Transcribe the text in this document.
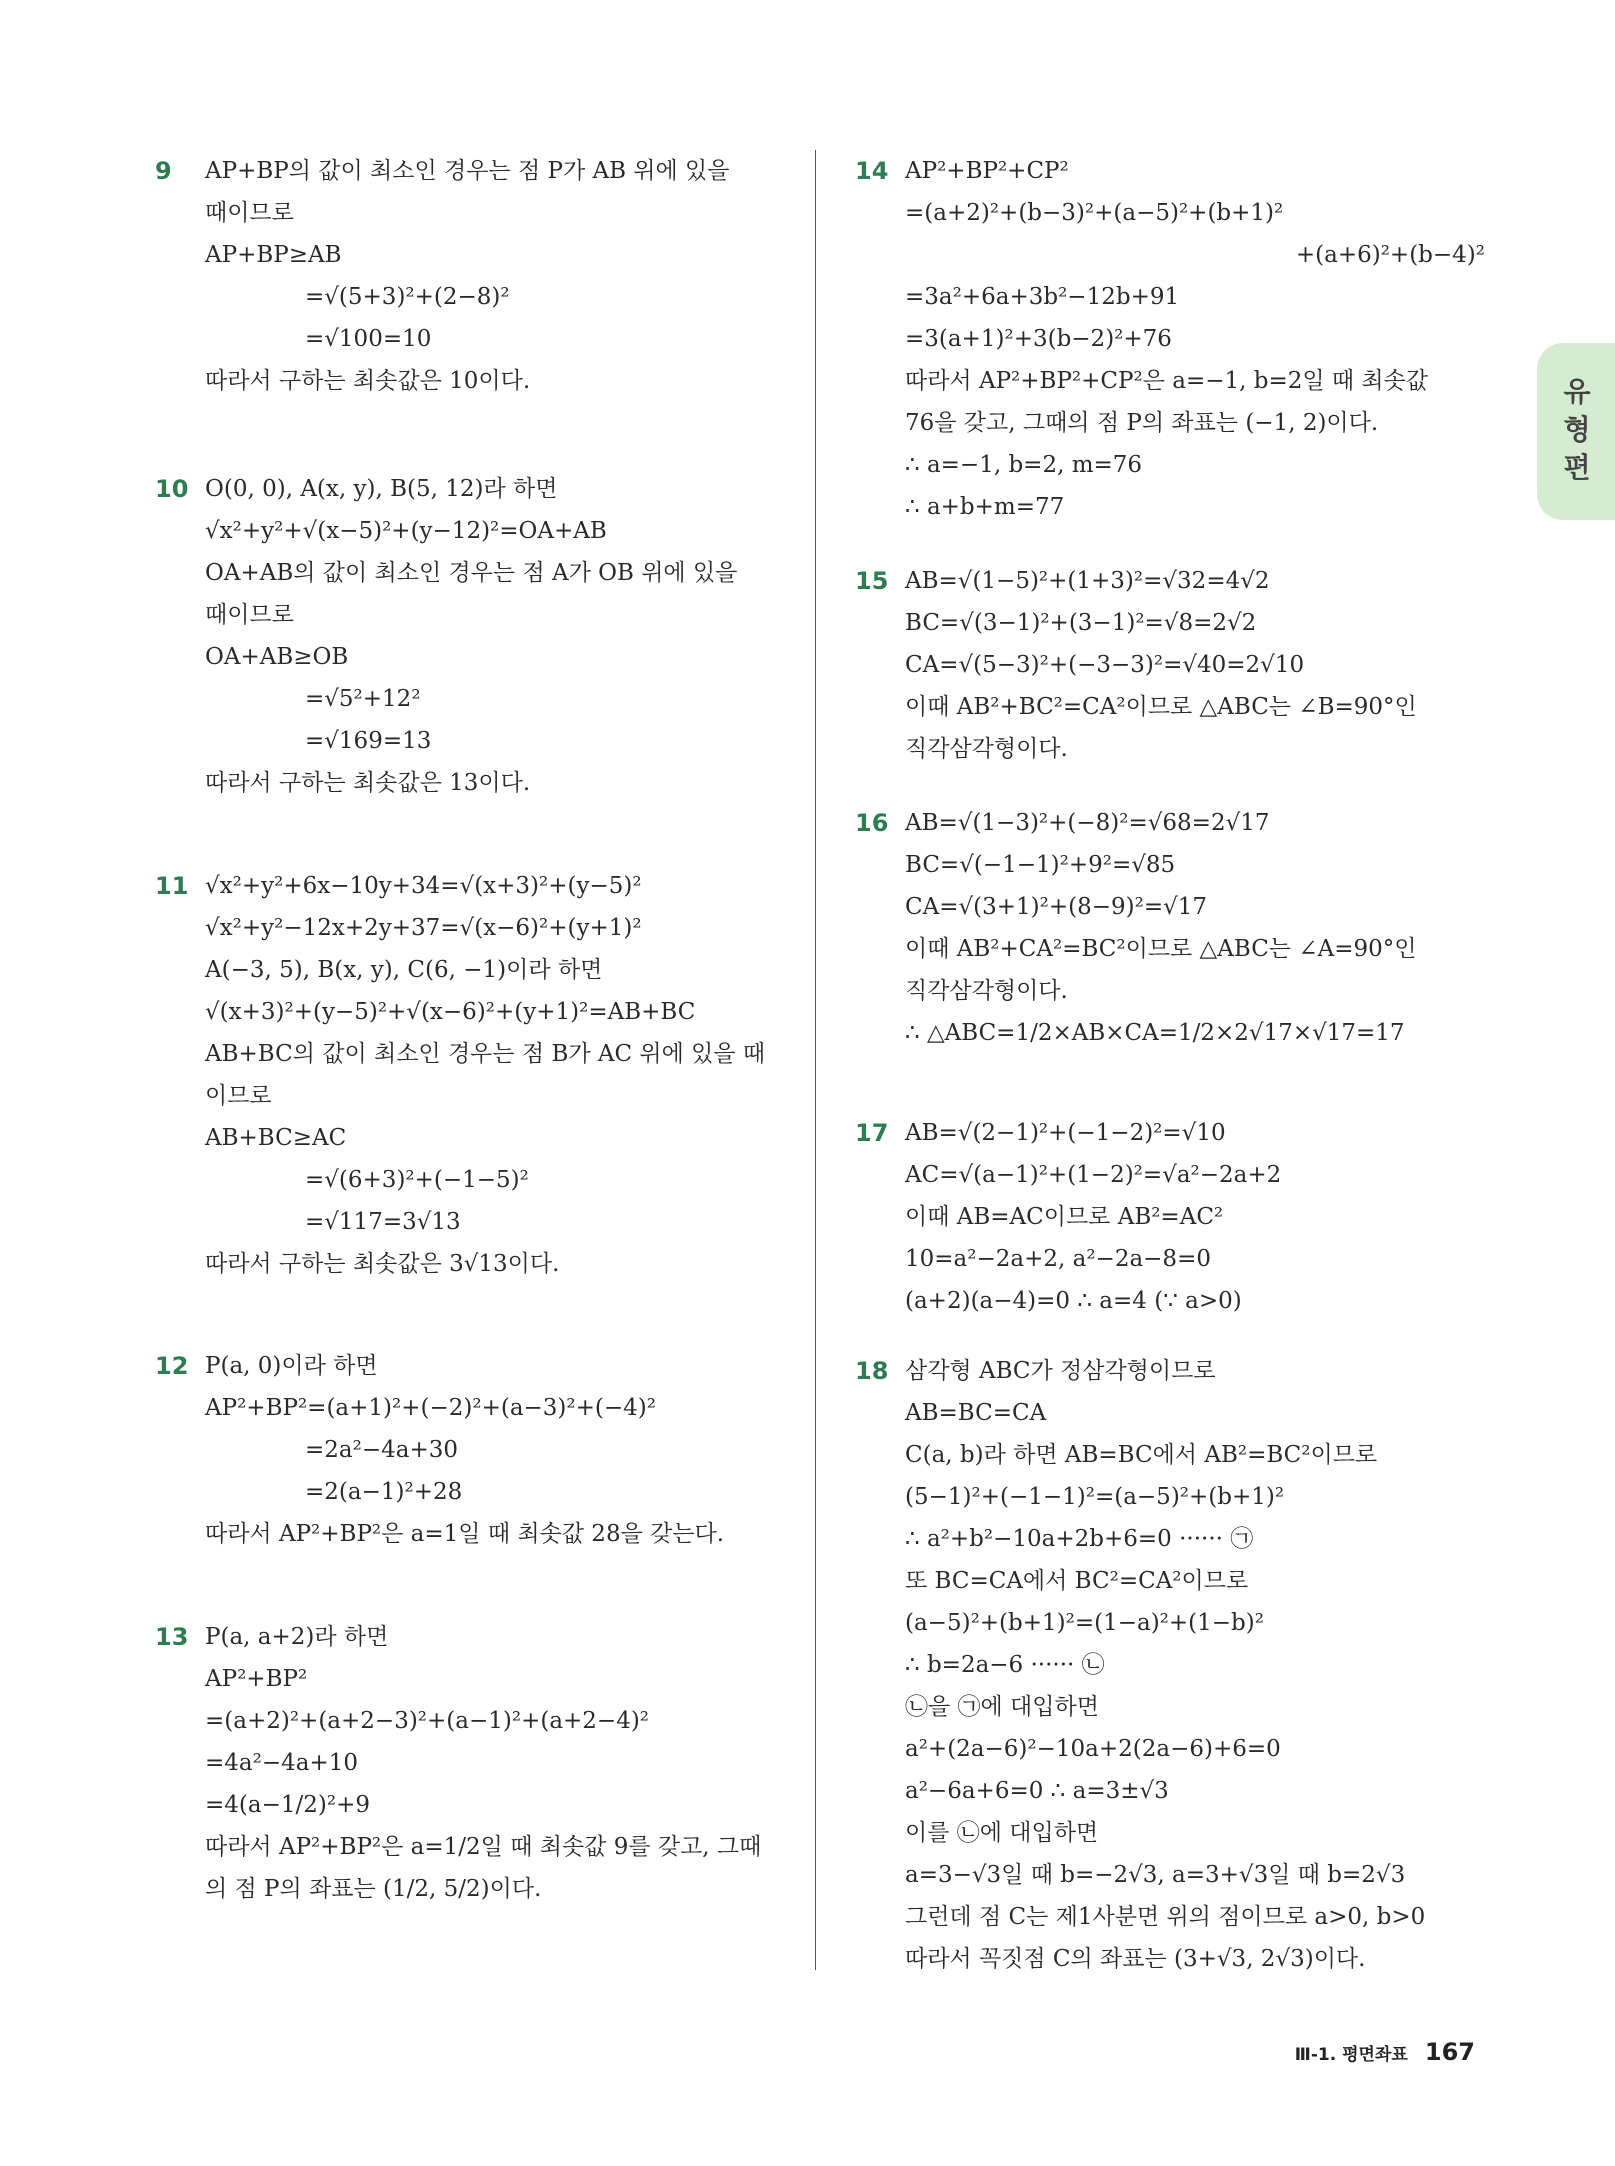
9 AP+BP의 값이 최소인 경우는 점 P가 AB 위에 있을
때이므로
AP+BP≥AB
=√(5+3)²+(2−8)²
=√100=10
따라서 구하는 최솟값은 10이다.
10 O(0, 0), A(x, y), B(5, 12)라 하면
√x²+y²+√(x−5)²+(y−12)²=OA+AB
OA+AB의 값이 최소인 경우는 점 A가 OB 위에 있을
때이므로
OA+AB≥OB
=√5²+12²
=√169=13
따라서 구하는 최솟값은 13이다.
11 √x²+y²+6x−10y+34=√(x+3)²+(y−5)²
√x²+y²−12x+2y+37=√(x−6)²+(y+1)²
A(−3, 5), B(x, y), C(6, −1)이라 하면
√(x+3)²+(y−5)²+√(x−6)²+(y+1)²=AB+BC
AB+BC의 값이 최소인 경우는 점 B가 AC 위에 있을 때
이므로
AB+BC≥AC
=√(6+3)²+(−1−5)²
=√117=3√13
따라서 구하는 최솟값은 3√13이다.
12 P(a, 0)이라 하면
AP²+BP²=(a+1)²+(−2)²+(a−3)²+(−4)²
=2a²−4a+30
=2(a−1)²+28
따라서 AP²+BP²은 a=1일 때 최솟값 28을 갖는다.
13 P(a, a+2)라 하면
AP²+BP²
=(a+2)²+(a+2−3)²+(a−1)²+(a+2−4)²
=4a²−4a+10
=4(a−1/2)²+9
따라서 AP²+BP²은 a=1/2일 때 최솟값 9를 갖고, 그때
의 점 P의 좌표는 (1/2, 5/2)이다.
14 AP²+BP²+CP²
=(a+2)²+(b−3)²+(a−5)²+(b+1)²
+(a+6)²+(b−4)²
=3a²+6a+3b²−12b+91
=3(a+1)²+3(b−2)²+76
따라서 AP²+BP²+CP²은 a=−1, b=2일 때 최솟값
76을 갖고, 그때의 점 P의 좌표는 (−1, 2)이다.
∴ a=−1, b=2, m=76
∴ a+b+m=77
15 AB=√(1−5)²+(1+3)²=√32=4√2
BC=√(3−1)²+(3−1)²=√8=2√2
CA=√(5−3)²+(−3−3)²=√40=2√10
이때 AB²+BC²=CA²이므로 △ABC는 ∠B=90°인
직각삼각형이다.
16 AB=√(1−3)²+(−8)²=√68=2√17
BC=√(−1−1)²+9²=√85
CA=√(3+1)²+(8−9)²=√17
이때 AB²+CA²=BC²이므로 △ABC는 ∠A=90°인
직각삼각형이다.
∴ △ABC=1/2×AB×CA=1/2×2√17×√17=17
17 AB=√(2−1)²+(−1−2)²=√10
AC=√(a−1)²+(1−2)²=√a²−2a+2
이때 AB=AC이므로 AB²=AC²
10=a²−2a+2, a²−2a−8=0
(a+2)(a−4)=0 ∴ a=4 (∵ a>0)
18 삼각형 ABC가 정삼각형이므로
AB=BC=CA
C(a, b)라 하면 AB=BC에서 AB²=BC²이므로
(5−1)²+(−1−1)²=(a−5)²+(b+1)²
∴ a²+b²−10a+2b+6=0 ······ ㉠
또 BC=CA에서 BC²=CA²이므로
(a−5)²+(b+1)²=(1−a)²+(1−b)²
∴ b=2a−6 ······ ㉡
㉡을 ㉠에 대입하면
a²+(2a−6)²−10a+2(2a−6)+6=0
a²−6a+6=0 ∴ a=3±√3
이를 ㉡에 대입하면
a=3−√3일 때 b=−2√3, a=3+√3일 때 b=2√3
그런데 점 C는 제1사분면 위의 점이므로 a>0, b>0
따라서 꼭짓점 C의 좌표는 (3+√3, 2√3)이다.
유형편
Ⅲ-1. 평면좌표 167
